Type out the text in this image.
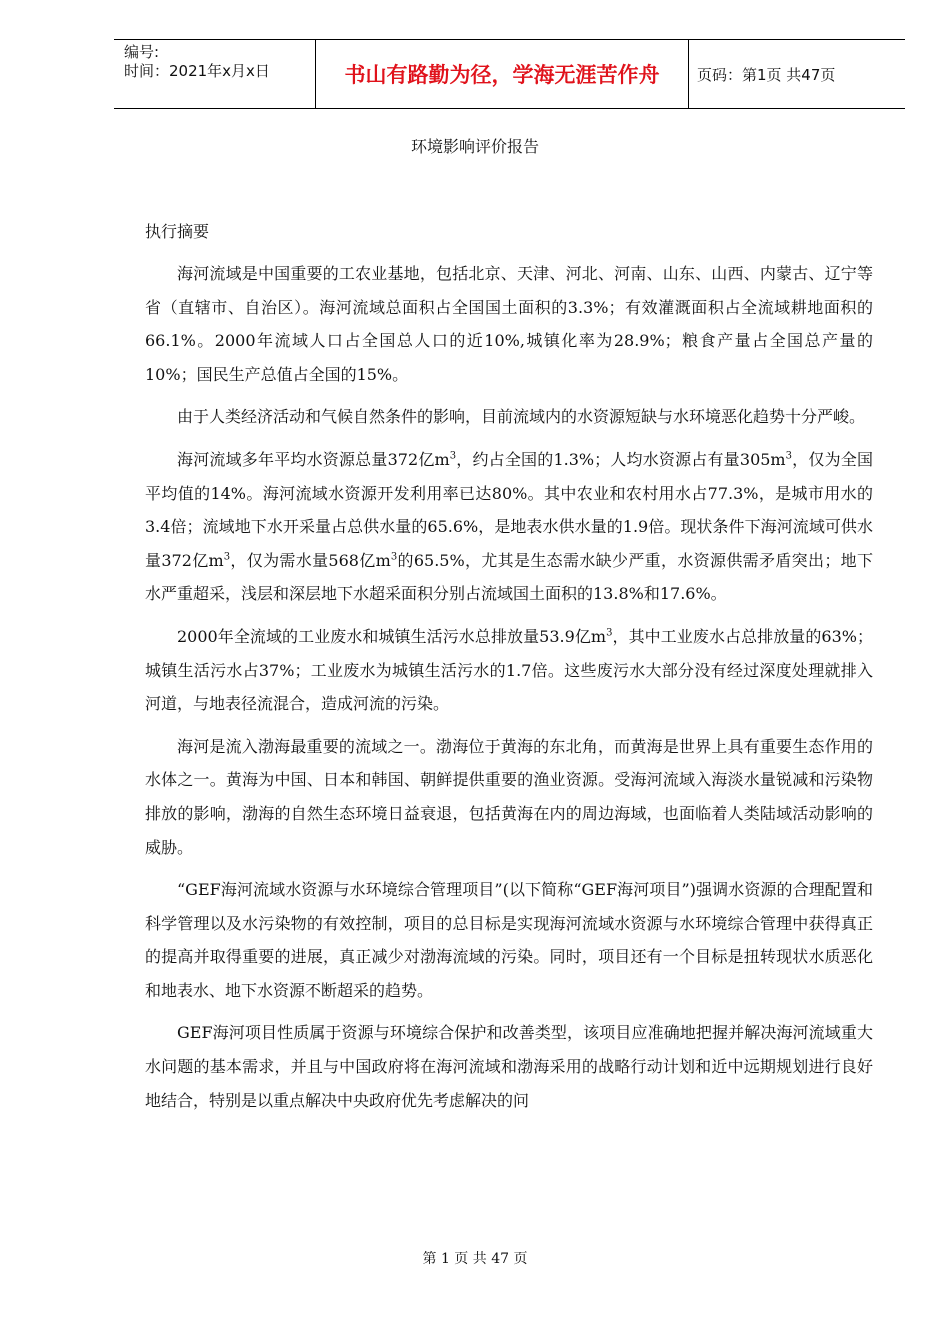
编号:
时间：2021年x月x日	书山有路勤为径，学海无涯苦作舟	页码：第1页 共47页
环境影响评价报告
执行摘要

海河流域是中国重要的工农业基地，包括北京、天津、河北、河南、山东、山西、内蒙古、辽宁等省（直辖市、自治区）。海河流域总面积占全国国土面积的3.3%；有效灌溉面积占全流域耕地面积的66.1%。2000年流域人口占全国总人口的近10%,城镇化率为28.9%；粮食产量占全国总产量的10%；国民生产总值占全国的15%。

由于人类经济活动和气候自然条件的影响，目前流域内的水资源短缺与水环境恶化趋势十分严峻。

海河流域多年平均水资源总量372亿$m^3$，约占全国的1.3%；人均水资源占有量$305m^3$，仅为全国平均值的14%。海河流域水资源开发利用率已达80%。其中农业和农村用水占77.3%，是城市用水的3.4倍；流域地下水开采量占总供水量的65.6%，是地表水供水量的1.9倍。现状条件下海河流域可供水量372亿$m^3$，仅为需水量568亿$m^3$的65.5%，尤其是生态需水缺少严重，水资源供需矛盾突出；地下水严重超采，浅层和深层地下水超采面积分别占流域国土面积的13.8%和17.6%。

2000年全流域的工业废水和城镇生活污水总排放量53.9亿$m^3$，其中工业废水占总排放量的63%；城镇生活污水占37%；工业废水为城镇生活污水的1.7倍。这些废污水大部分没有经过深度处理就排入河道，与地表径流混合，造成河流的污染。

海河是流入渤海最重要的流域之一。渤海位于黄海的东北角，而黄海是世界上具有重要生态作用的水体之一。黄海为中国、日本和韩国、朝鲜提供重要的渔业资源。受海河流域入海淡水量锐减和污染物排放的影响，渤海的自然生态环境日益衰退，包括黄海在内的周边海域，也面临着人类陆域活动影响的威胁。

“GEF海河流域水资源与水环境综合管理项目”(以下简称“GEF海河项目”)强调水资源的合理配置和科学管理以及水污染物的有效控制，项目的总目标是实现海河流域水资源与水环境综合管理中获得真正的提高并取得重要的进展，真正减少对渤海流域的污染。同时，项目还有一个目标是扭转现状水质恶化和地表水、地下水资源不断超采的趋势。

GEF海河项目性质属于资源与环境综合保护和改善类型，该项目应准确地把握并解决海河流域重大水问题的基本需求，并且与中国政府将在海河流域和渤海采用的战略行动计划和近中远期规划进行良好地结合，特别是以重点解决中央政府优先考虑解决的问

第 1 页 共 47 页
